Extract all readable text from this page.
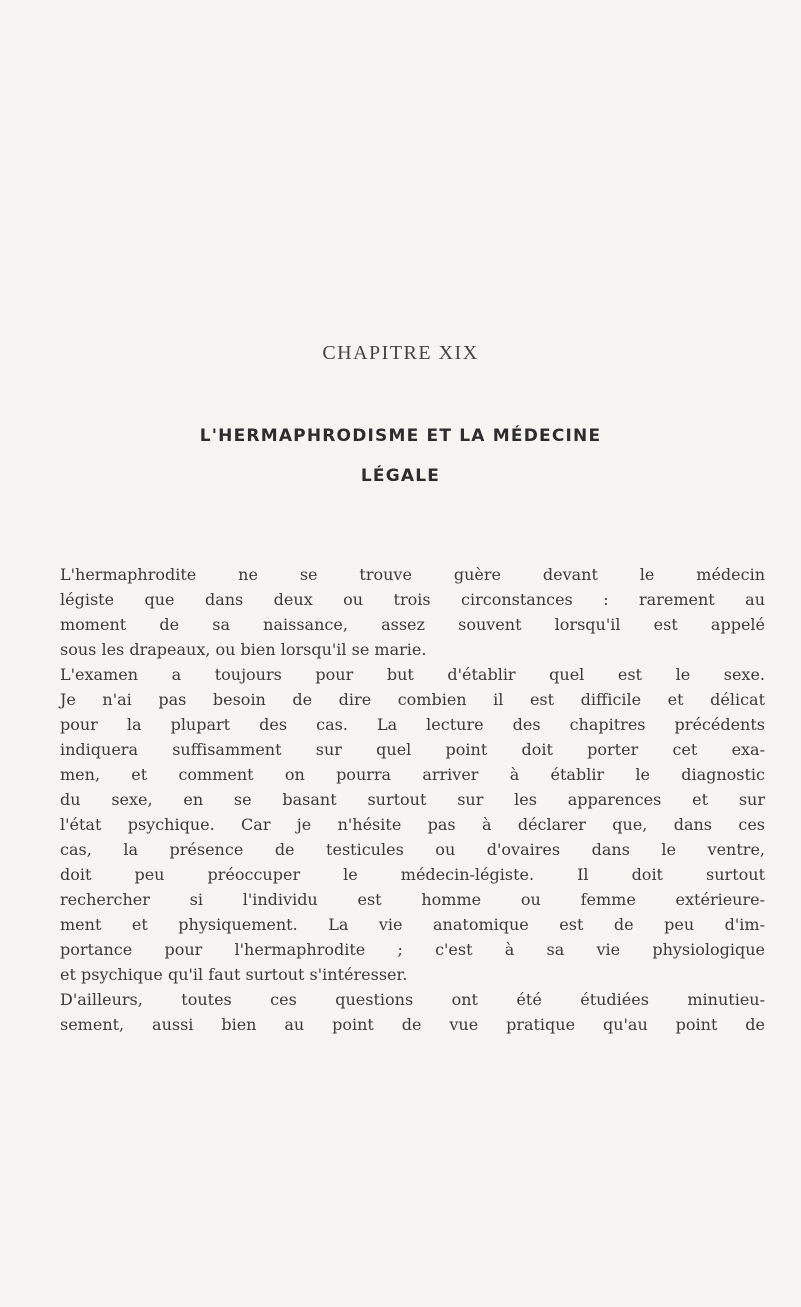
CHAPITRE XIX
L'HERMAPHRODISME ET LA MÉDECINE
LÉGALE
L'hermaphrodite ne se trouve guère devant le médecin
légiste que dans deux ou trois circonstances : rarement au
moment de sa naissance, assez souvent lorsqu'il est appelé
sous les drapeaux, ou bien lorsqu'il se marie.
L'examen a toujours pour but d'établir quel est le sexe.
Je n'ai pas besoin de dire combien il est difficile et délicat
pour la plupart des cas. La lecture des chapitres précédents
indiquera suffisamment sur quel point doit porter cet exa-
men, et comment on pourra arriver à établir le diagnostic
du sexe, en se basant surtout sur les apparences et sur
l'état psychique. Car je n'hésite pas à déclarer que, dans ces
cas, la présence de testicules ou d'ovaires dans le ventre,
doit peu préoccuper le médecin-légiste. Il doit surtout
rechercher si l'individu est homme ou femme extérieure-
ment et physiquement. La vie anatomique est de peu d'im-
portance pour l'hermaphrodite ; c'est à sa vie physiologique
et psychique qu'il faut surtout s'intéresser.
D'ailleurs, toutes ces questions ont été étudiées minutieu-
sement, aussi bien au point de vue pratique qu'au point de
